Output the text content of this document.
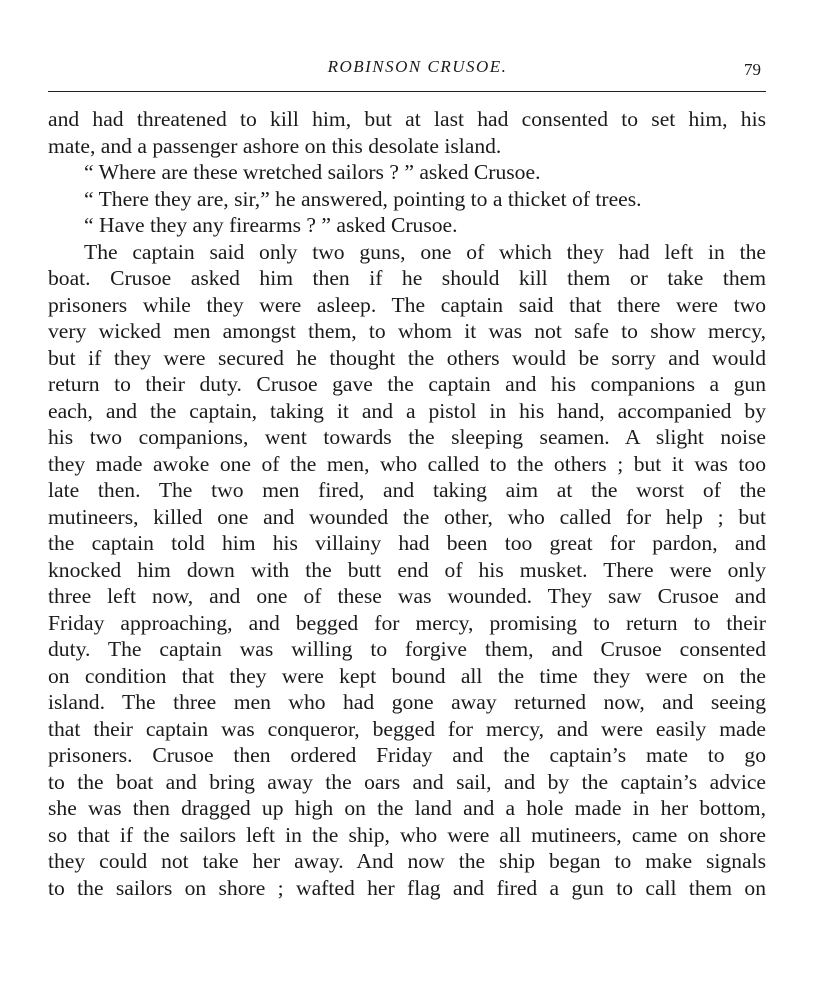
ROBINSON CRUSOE.	79
and had threatened to kill him, but at last had consented to set him, his
mate, and a passenger ashore on this desolate island.
“ Where are these wretched sailors ? ” asked Crusoe.
“ There they are, sir,” he answered, pointing to a thicket of trees.
“ Have they any firearms ? ” asked Crusoe.
The captain said only two guns, one of which they had left in the
boat. Crusoe asked him then if he should kill them or take them
prisoners while they were asleep. The captain said that there were two
very wicked men amongst them, to whom it was not safe to show mercy,
but if they were secured he thought the others would be sorry and would
return to their duty. Crusoe gave the captain and his companions a gun
each, and the captain, taking it and a pistol in his hand, accompanied by
his two companions, went towards the sleeping seamen. A slight noise
they made awoke one of the men, who called to the others ; but it was too
late then. The two men fired, and taking aim at the worst of the
mutineers, killed one and wounded the other, who called for help ; but
the captain told him his villainy had been too great for pardon, and
knocked him down with the butt end of his musket. There were only
three left now, and one of these was wounded. They saw Crusoe and
Friday approaching, and begged for mercy, promising to return to their
duty. The captain was willing to forgive them, and Crusoe consented
on condition that they were kept bound all the time they were on the
island. The three men who had gone away returned now, and seeing
that their captain was conqueror, begged for mercy, and were easily made
prisoners. Crusoe then ordered Friday and the captain’s mate to go
to the boat and bring away the oars and sail, and by the captain’s advice
she was then dragged up high on the land and a hole made in her bottom,
so that if the sailors left in the ship, who were all mutineers, came on shore
they could not take her away. And now the ship began to make signals
to the sailors on shore ; wafted her flag and fired a gun to call them on
